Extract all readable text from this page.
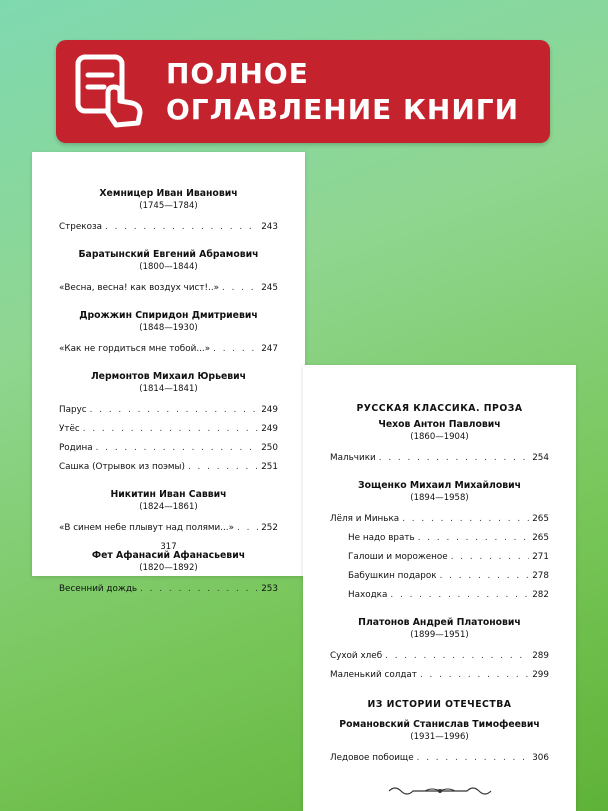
ПОЛНОЕ
ОГЛАВЛЕНИЕ КНИГИ
Хемницер Иван Иванович
(1745—1784)
Стрекоза . . .	243
Баратынский Евгений Абрамович
(1800—1844)
«Весна, весна! как воздух чист!..» . . .	245
Дрожжин Спиридон Дмитриевич
(1848—1930)
«Как не гордиться мне тобой...» . . .	247
Лермонтов Михаил Юрьевич
(1814—1841)
Парус . . .	249
Утёс . . .	249
Родина . . .	250
Сашка (Отрывок из поэмы) . . .	251
Никитин Иван Саввич
(1824—1861)
«В синем небе плывут над полями...» . . .	252
Фет Афанасий Афанасьевич
(1820—1892)
Весенний дождь . . .	253
317
РУССКАЯ КЛАССИКА. ПРОЗА
Чехов Антон Павлович
(1860—1904)
Мальчики . . .	254
Зощенко Михаил Михайлович
(1894—1958)
Лёля и Минька . . .	265
Не надо врать . . .	265
Галоши и мороженое . . .	271
Бабушкин подарок . . .	278
Находка . . .	282
Платонов Андрей Платонович
(1899—1951)
Сухой хлеб . . .	289
Маленький солдат . . .	299
ИЗ ИСТОРИИ ОТЕЧЕСТВА
Романовский Станислав Тимофеевич
(1931—1996)
Ледовое побоище . . .	306
